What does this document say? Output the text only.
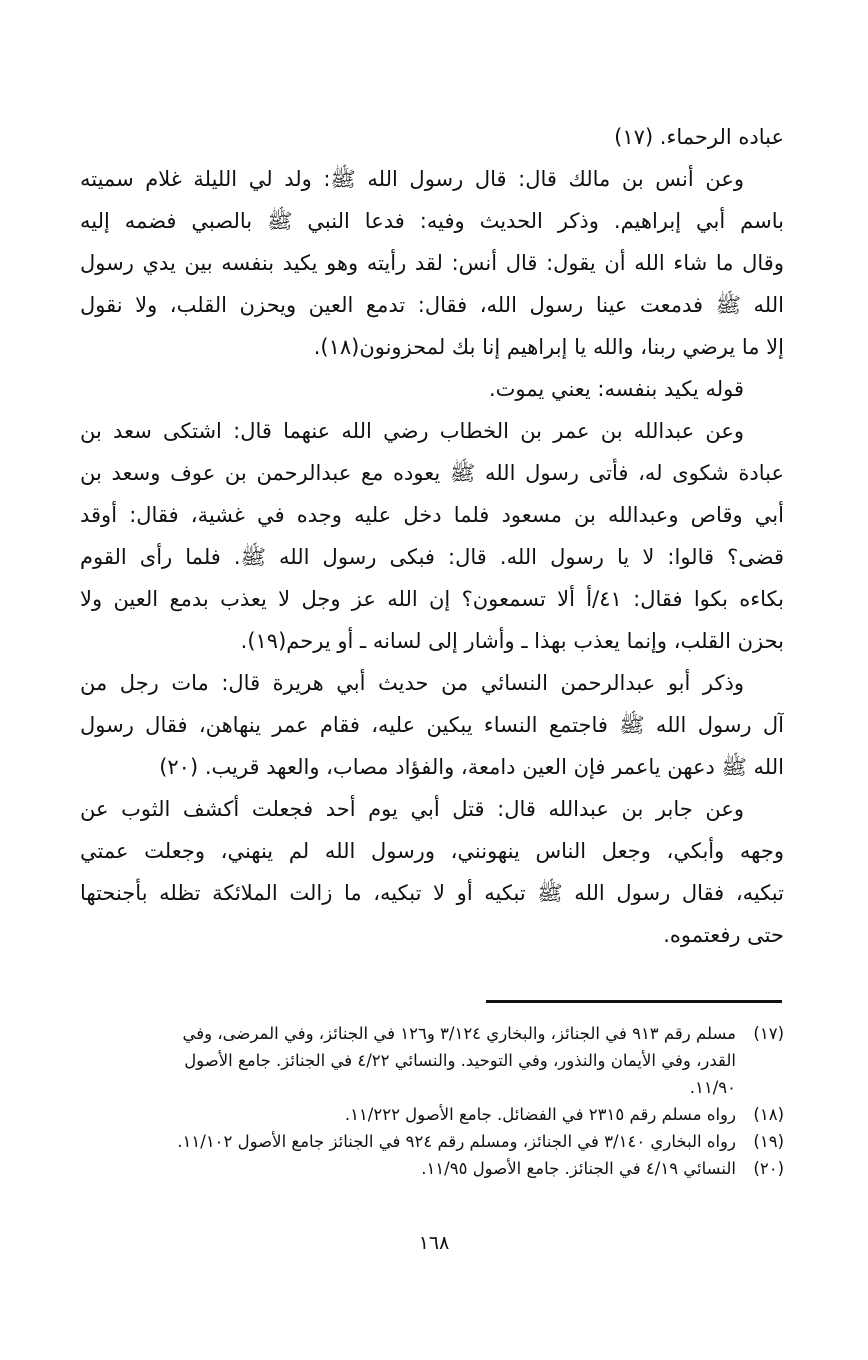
عباده الرحماء. (١٧)
وعن أنس بن مالك قال: قال رسول الله ﷺ: ولد لي الليلة غلام سميته
باسم أبي إبراهيم. وذكر الحديث وفيه: فدعا النبي ﷺ بالصبي فضمه إليه
وقال ما شاء الله أن يقول: قال أنس: لقد رأيته وهو يكيد بنفسه بين يدي رسول
الله ﷺ فدمعت عينا رسول الله، فقال: تدمع العين ويحزن القلب، ولا نقول
إلا ما يرضي ربنا، والله يا إبراهيم إنا بك لمحزونون(١٨).
قوله يكيد بنفسه: يعني يموت.
وعن عبدالله بن عمر بن الخطاب رضي الله عنهما قال: اشتكى سعد بن
عبادة شكوى له، فأتى رسول الله ﷺ يعوده مع عبدالرحمن بن عوف وسعد بن
أبي وقاص وعبدالله بن مسعود فلما دخل عليه وجده في غشية، فقال: أوقد
قضى؟ قالوا: لا يا رسول الله. قال: فبكى رسول الله ﷺ. فلما رأى القوم
بكاءه بكوا فقال: ٤١/أ ألا تسمعون؟ إن الله عز وجل لا يعذب بدمع العين ولا
بحزن القلب، وإنما يعذب بهذا ـ وأشار إلى لسانه ـ أو يرحم(١٩).
وذكر أبو عبدالرحمن النسائي من حديث أبي هريرة قال: مات رجل من
آل رسول الله ﷺ فاجتمع النساء يبكين عليه، فقام عمر ينهاهن، فقال رسول
الله ﷺ دعهن ياعمر فإن العين دامعة، والفؤاد مصاب، والعهد قريب. (٢٠)
وعن جابر بن عبدالله قال: قتل أبي يوم أحد فجعلت أكشف الثوب عن
وجهه وأبكي، وجعل الناس ينهونني، ورسول الله لم ينهني، وجعلت عمتي
تبكيه، فقال رسول الله ﷺ تبكيه أو لا تبكيه، ما زالت الملائكة تظله بأجنحتها
حتى رفعتموه.
(١٧)
مسلم رقم ٩١٣ في الجنائز، والبخاري ٣/١٢٤ و١٢٦ في الجنائز، وفي المرضى، وفي
القدر، وفي الأيمان والنذور، وفي التوحيد. والنسائي ٤/٢٢ في الجنائز. جامع الأصول
١١/٩٠.
(١٨)
رواه مسلم رقم ٢٣١٥ في الفضائل. جامع الأصول ١١/٢٢٢.
(١٩)
رواه البخاري ٣/١٤٠ في الجنائز، ومسلم رقم ٩٢٤ في الجنائز جامع الأصول ١١/١٠٢.
(٢٠)
النسائي ٤/١٩ في الجنائز. جامع الأصول ١١/٩٥.
١٦٨
